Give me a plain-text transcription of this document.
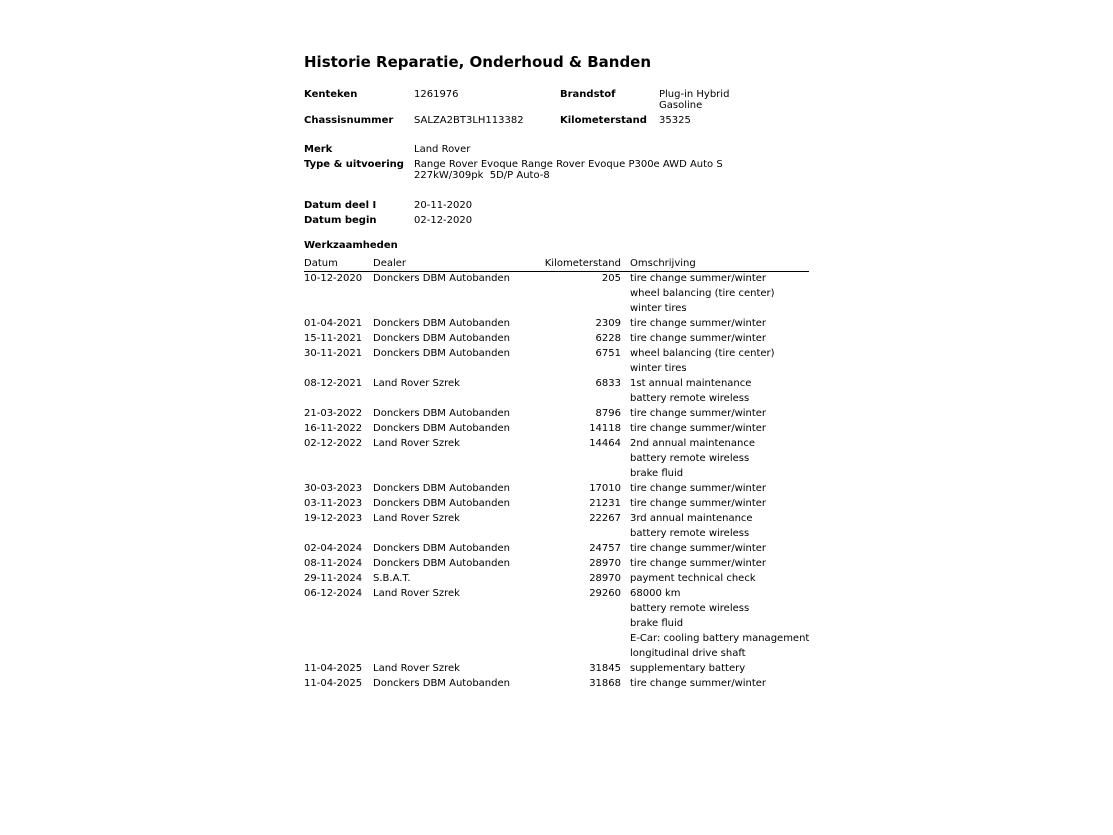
Historie Reparatie, Onderhoud & Banden
Kenteken	1261976	Brandstof	Plug-in Hybrid
Gasoline
Chassisnummer SALZA2BT3LH113382	Kilometerstand 35325
Merk	Land Rover
Type & uitvoering Range Rover Evoque Range Rover Evoque P300e AWD Auto S
227kW/309pk  5D/P Auto-8
Datum deel I	20-11-2020
Datum begin	02-12-2020
Werkzaamheden
Datum	Dealer	Kilometerstand Omschrijving
10-12-2020 Donckers DBM Autobanden	205 tire change summer/winter
wheel balancing (tire center)
winter tires
01-04-2021 Donckers DBM Autobanden	2309 tire change summer/winter
15-11-2021 Donckers DBM Autobanden	6228 tire change summer/winter
30-11-2021 Donckers DBM Autobanden	6751 wheel balancing (tire center)
winter tires
08-12-2021 Land Rover Szrek	6833 1st annual maintenance
battery remote wireless
21-03-2022 Donckers DBM Autobanden	8796 tire change summer/winter
16-11-2022 Donckers DBM Autobanden	14118 tire change summer/winter
02-12-2022 Land Rover Szrek	14464 2nd annual maintenance
battery remote wireless
brake fluid
30-03-2023 Donckers DBM Autobanden	17010 tire change summer/winter
03-11-2023 Donckers DBM Autobanden	21231 tire change summer/winter
19-12-2023 Land Rover Szrek	22267 3rd annual maintenance
battery remote wireless
02-04-2024 Donckers DBM Autobanden	24757 tire change summer/winter
08-11-2024 Donckers DBM Autobanden	28970 tire change summer/winter
29-11-2024 S.B.A.T.	28970 payment technical check
06-12-2024 Land Rover Szrek	29260 68000 km
battery remote wireless
brake fluid
E-Car: cooling battery management
longitudinal drive shaft
11-04-2025 Land Rover Szrek	31845 supplementary battery
11-04-2025 Donckers DBM Autobanden	31868 tire change summer/winter
